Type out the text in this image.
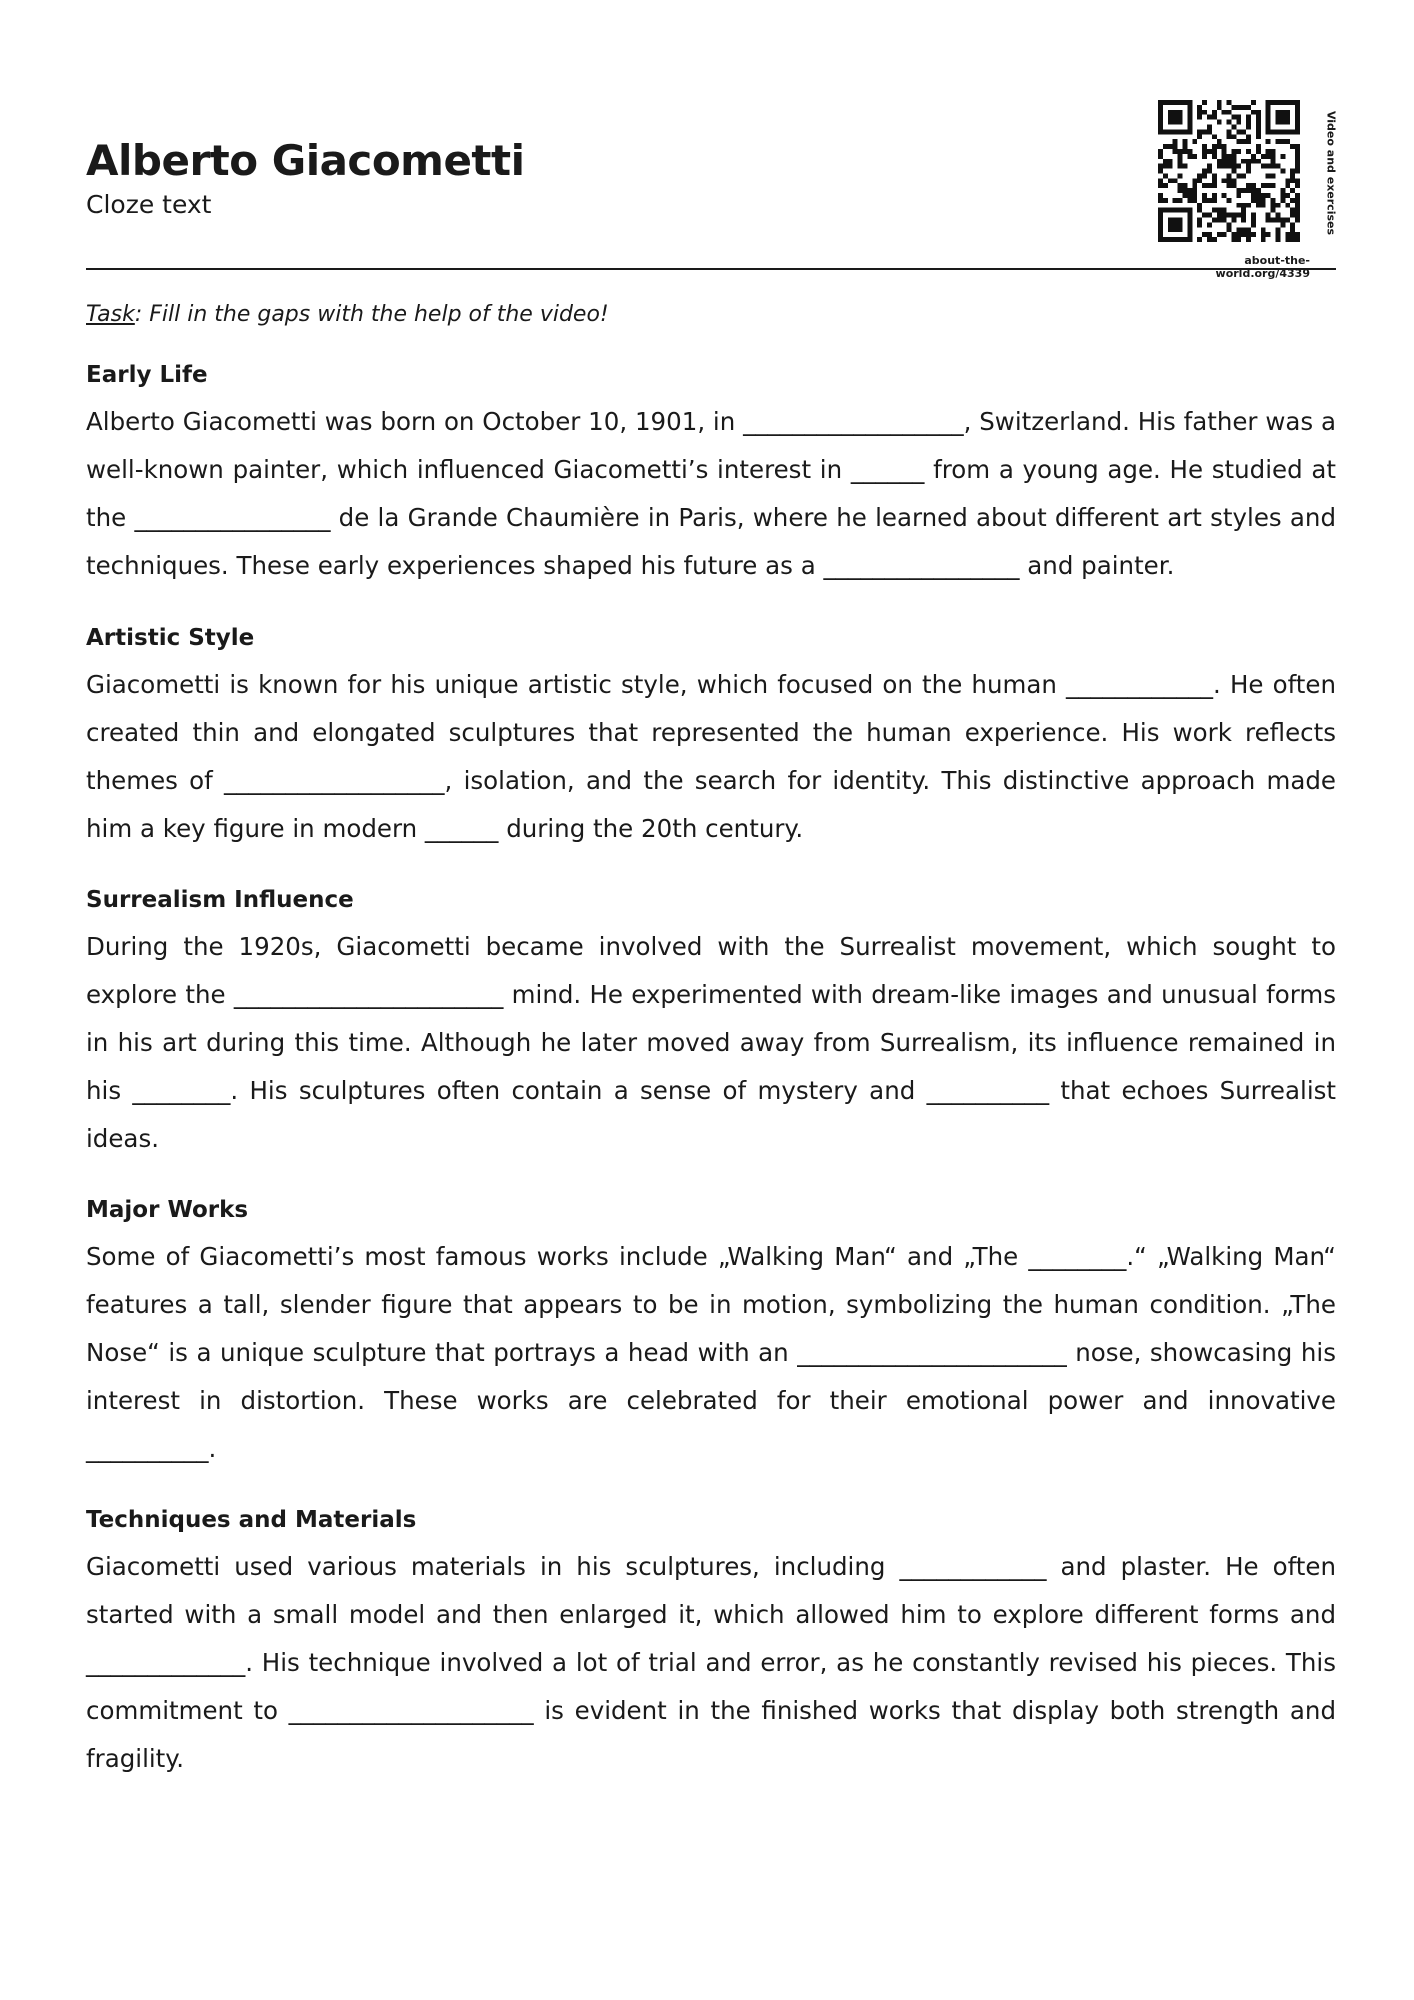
Alberto Giacometti
Cloze text	Video and exercises
about-the-world.org/4339
Task: Fill in the gaps with the help of the video!
Early Life

Alberto Giacometti was born on October 10, 1901, in __________________, Switzerland. His father was a well-known painter, which influenced Giacometti’s interest in ______ from a young age. He studied at the ________________ de la Grande Chaumière in Paris, where he learned about different art styles and techniques. These early experiences shaped his future as a ________________ and painter.

Artistic Style

Giacometti is known for his unique artistic style, which focused on the human ____________. He often created thin and elongated sculptures that represented the human experience. His work reflects themes of __________________, isolation, and the search for identity. This distinctive approach made him a key figure in modern ______ during the 20th century.

Surrealism Influence

During the 1920s, Giacometti became involved with the Surrealist movement, which sought to explore the ______________________ mind. He experimented with dream-like images and unusual forms in his art during this time. Although he later moved away from Surrealism, its influence remained in his ________. His sculptures often contain a sense of mystery and __________ that echoes Surrealist ideas.

Major Works

Some of Giacometti’s most famous works include „Walking Man“ and „The ________.“ „Walking Man“ features a tall, slender figure that appears to be in motion, symbolizing the human condition. „The Nose“ is a unique sculpture that portrays a head with an ______________________ nose, showcasing his interest in distortion. These works are celebrated for their emotional power and innovative __________.

Techniques and Materials

Giacometti used various materials in his sculptures, including ____________ and plaster. He often started with a small model and then enlarged it, which allowed him to explore different forms and _____________. His technique involved a lot of trial and error, as he constantly revised his pieces. This commitment to ____________________ is evident in the finished works that display both strength and fragility.
